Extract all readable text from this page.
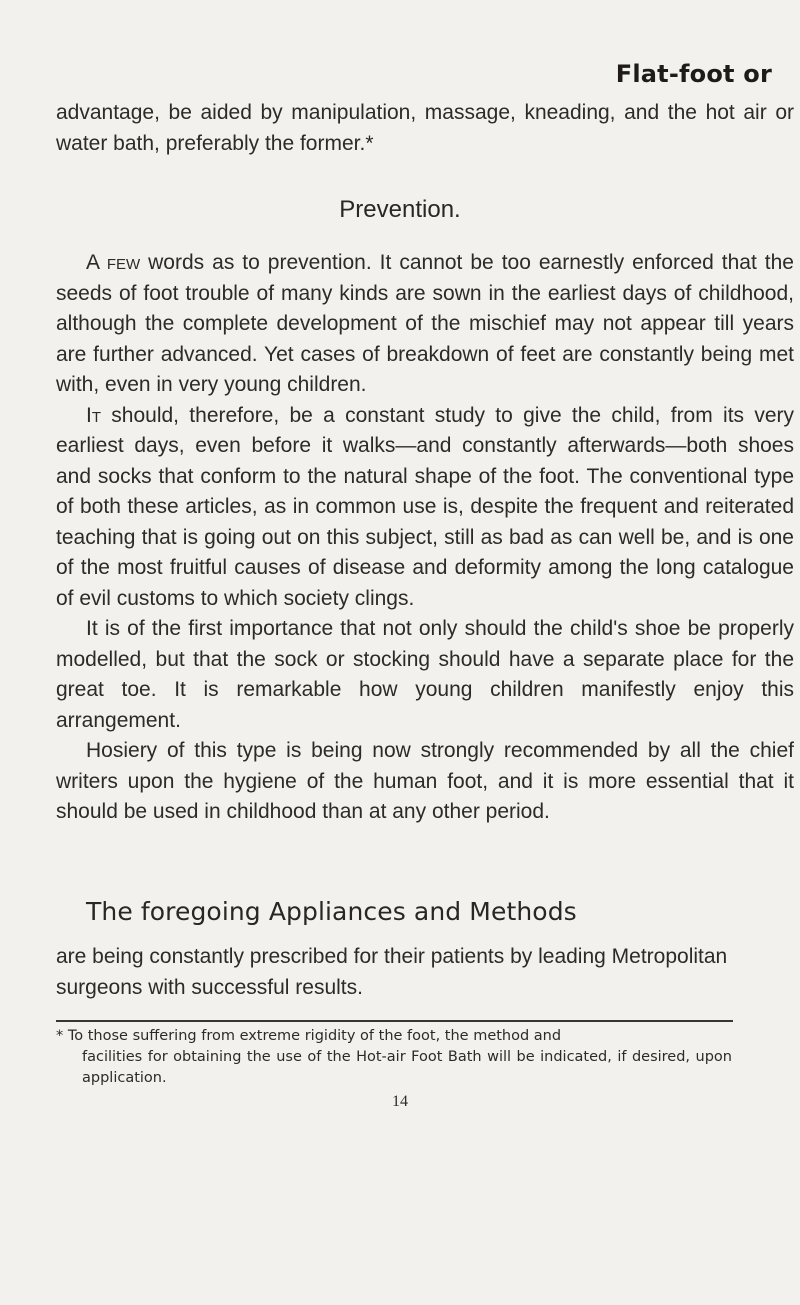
Flat-foot or

advantage, be aided by manipulation, massage, kneading, and the hot air or water bath, preferably the former.*

Prevention.

A few words as to prevention. It cannot be too earnestly enforced that the seeds of foot trouble of many kinds are sown in the earliest days of childhood, although the complete development of the mischief may not appear till years are further advanced. Yet cases of breakdown of feet are constantly being met with, even in very young children.

It should, therefore, be a constant study to give the child, from its very earliest days, even before it walks—and constantly afterwards—both shoes and socks that conform to the natural shape of the foot. The conventional type of both these articles, as in common use is, despite the frequent and reiterated teaching that is going out on this subject, still as bad as can well be, and is one of the most fruitful causes of disease and deformity among the long catalogue of evil customs to which society clings.

It is of the first importance that not only should the child's shoe be properly modelled, but that the sock or stocking should have a separate place for the great toe. It is remarkable how young children manifestly enjoy this arrangement.

Hosiery of this type is being now strongly recommended by all the chief writers upon the hygiene of the human foot, and it is more essential that it should be used in childhood than at any other period.

The foregoing Appliances and Methods

are being constantly prescribed for their patients by leading Metropolitan surgeons with successful results.

* To those suffering from extreme rigidity of the foot, the method and
facilities for obtaining the use of the Hot-air Foot Bath will be indicated, if desired, upon application.
14
